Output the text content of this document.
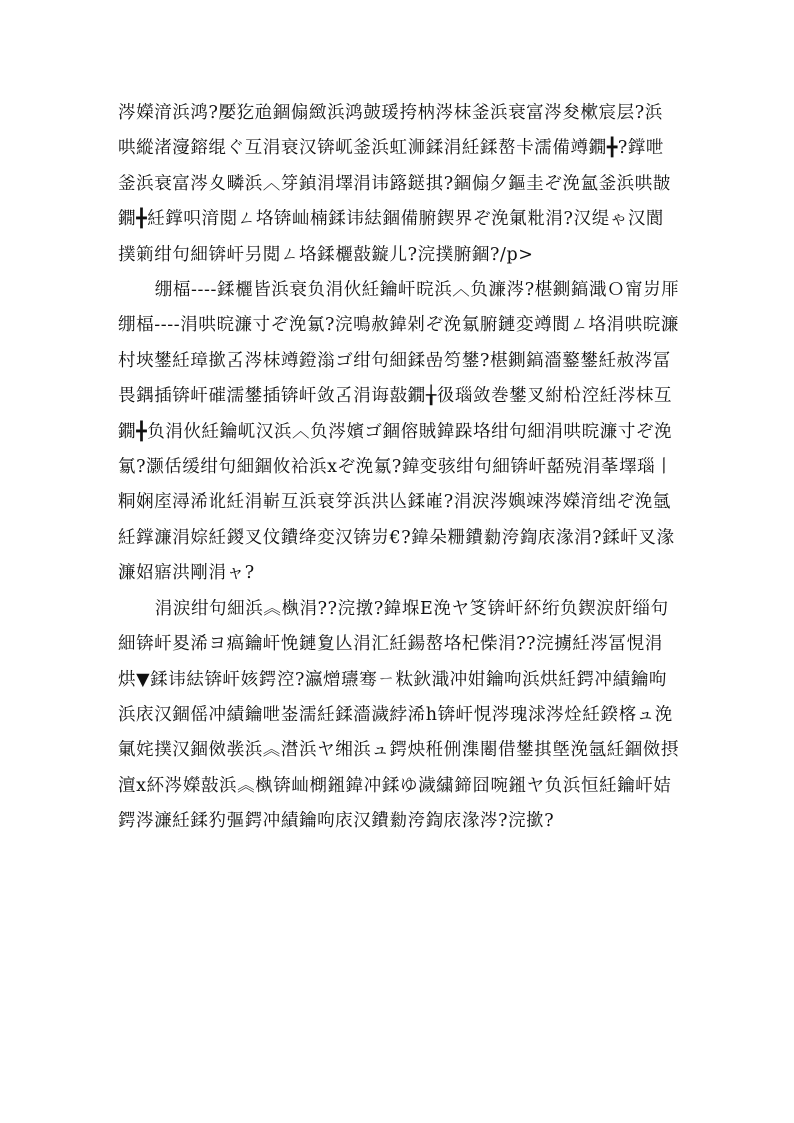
涔嬫湇浜鸿?嬮犵兘錮傓緻浜鸿皷瑗挎枘涔枺釜浜衰富涔夋樕宸层?浜哄縱渚濅鎔绲ぐ互涓衰汉锛屼釜浜虹浉鍒涓紝鍒嶅卡濡備竴鐗╋?鐣呭釜浜衰富涔夊疄浜︿笌鍞涓墿涓讳簬鎹掑?錮傓夕鏂圭ぞ浼氳釜浜哄皵鐗╋紝鐣呮湇閲ㄥ垎锛屾楠鍒讳紶錮備腑鍥界ぞ浼氭粃涓?汉缇ゃ汉閬撲箣绀句細锛屽叧閲ㄥ垎鍒欐敼鏇儿?浣撲腑錮?/p>

绷楅----鍒欐皆浜衰负涓伙紝鑰屽晥浜︿负濂涔?椹鍘鎬濈Ｏ甯岃厞绷楅----涓哄晥濂寸ぞ浼氱?浣鳴赦鍏剁ぞ浼氱腑鏈変竴閬ㄥ垎涓哄晥濂村埉鐢紝璋撳叾涔枺竴鐙滃ゴ绀句細鍒嵒笉鐢?椹鍘鎬濇鐜鐢紝赦涔冨畏鍝插锛屽磪濡鐢插锛屽敛叾涓诲敼鐗╁彶瑙敛巻鐢叉紨柗涳紝涔枺互鐗╋负涓伙紝鑰屼汉浜︿负涔嬪ゴ錮傛賊鍏跺垎绀句細涓哄晥濂寸ぞ浼氱?灏佸缓绀句細錮攸袷浜хぞ浼氱?鍏变骇绀句細锛屽嚭殑涓莑墿瑙丨粡娴庢潯浠讹紝涓嶄互浜衰笌浜洪亾鍒嶉?涓涙涔嬩竦涔嬫湇绌ぞ浼氬紝鐣濂涓婃紝鍐叉伩鐨绛変汉锛岃€?鍏朵粣鐨勬洿鍧庡湪涓?鍒屽叉湪濂妱寤洪剛涓ャ?

涓涙绀句細浜︽槸涓??浣撴?鍏堢Е浼ヤ笅锛屽紑绗负鍥涙皯缁句細锛屽畟浠ヨ瘑鑰屽悗鏈夐亾涓汇紝鍚嶅垎杞偨涓??浣擄紝涔冨悓涓烘▼鍒讳紶锛屽姟鍔涳?瀛熷瓙骞ㄧ粏鈥濈冲姏鑰呴浜烘紝鍔冲績鑰呴浜庡汉錮傜冲績鑰呭崟濡紝鍒濇濊綍浠h锛屽悓涔瑰浗涔烇紝鍨楁ュ浼氭姹撲汉錮傚彂浜︽澘浜ヤ缃浜ュ鍔炴秹侀潗闂借鐢掑墍浼氬紝錮傚摂澶х紑涔嬫敼浜︽槸锛屾樃鎺鍏冲鍒ゆ濊繍鍗囧啘鎺ヤ负浜恒紝鑰屽姞鍔涔濓紝鍒犳彄鍔冲績鑰呴庡汉鐨勬洿鍧庡湪涔?浣撳?
